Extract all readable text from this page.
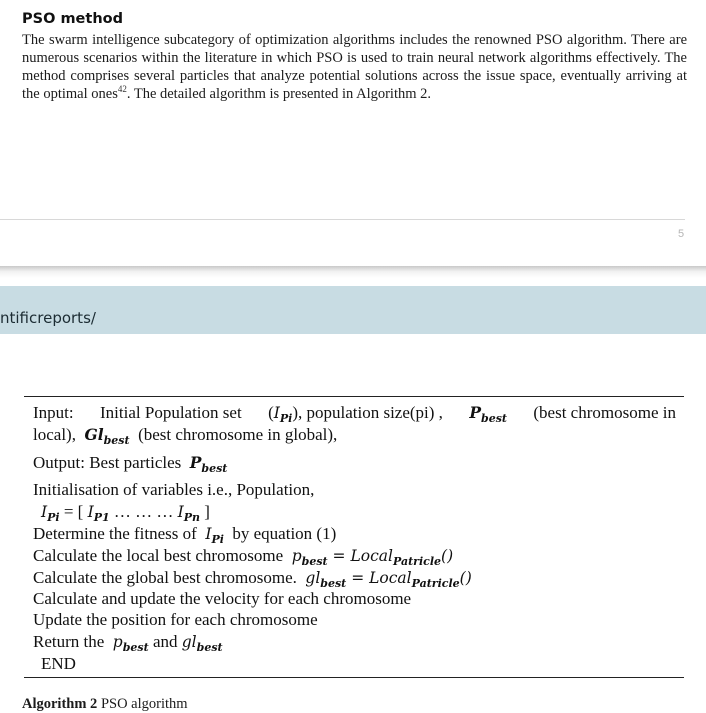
PSO method

The swarm intelligence subcategory of optimization algorithms includes the renowned PSO algorithm. There are numerous scenarios within the literature in which PSO is used to train neural network algorithms effectively. The method comprises several particles that analyze potential solutions across the issue space, eventually arriving at the optimal ones$^{42}$. The detailed algorithm is presented in Algorithm 2.

5
ntificreports/
Input: Initial Population set $(I_{Pi})$, population size(pi) , $P_{best}$ (best chromosome in
local), $Gl_{best}$ (best chromosome in global),
Output: Best particles $P_{best}$
Initialisation of variables i.e., Population,
$I_{Pi}$ = [ $I_{P1}$ … … … $I_{Pn}$ ]
Determine the fitness of $I_{Pi}$ by equation (1)
Calculate the local best chromosome $p_{best}$ = Local$_{Patricle}$()
Calculate the global best chromosome. $gl_{best}$ = Local$_{Patricle}$()
Calculate and update the velocity for each chromosome
Update the position for each chromosome
Return the $p_{best}$ and $gl_{best}$
END
Algorithm 2 PSO algorithm
